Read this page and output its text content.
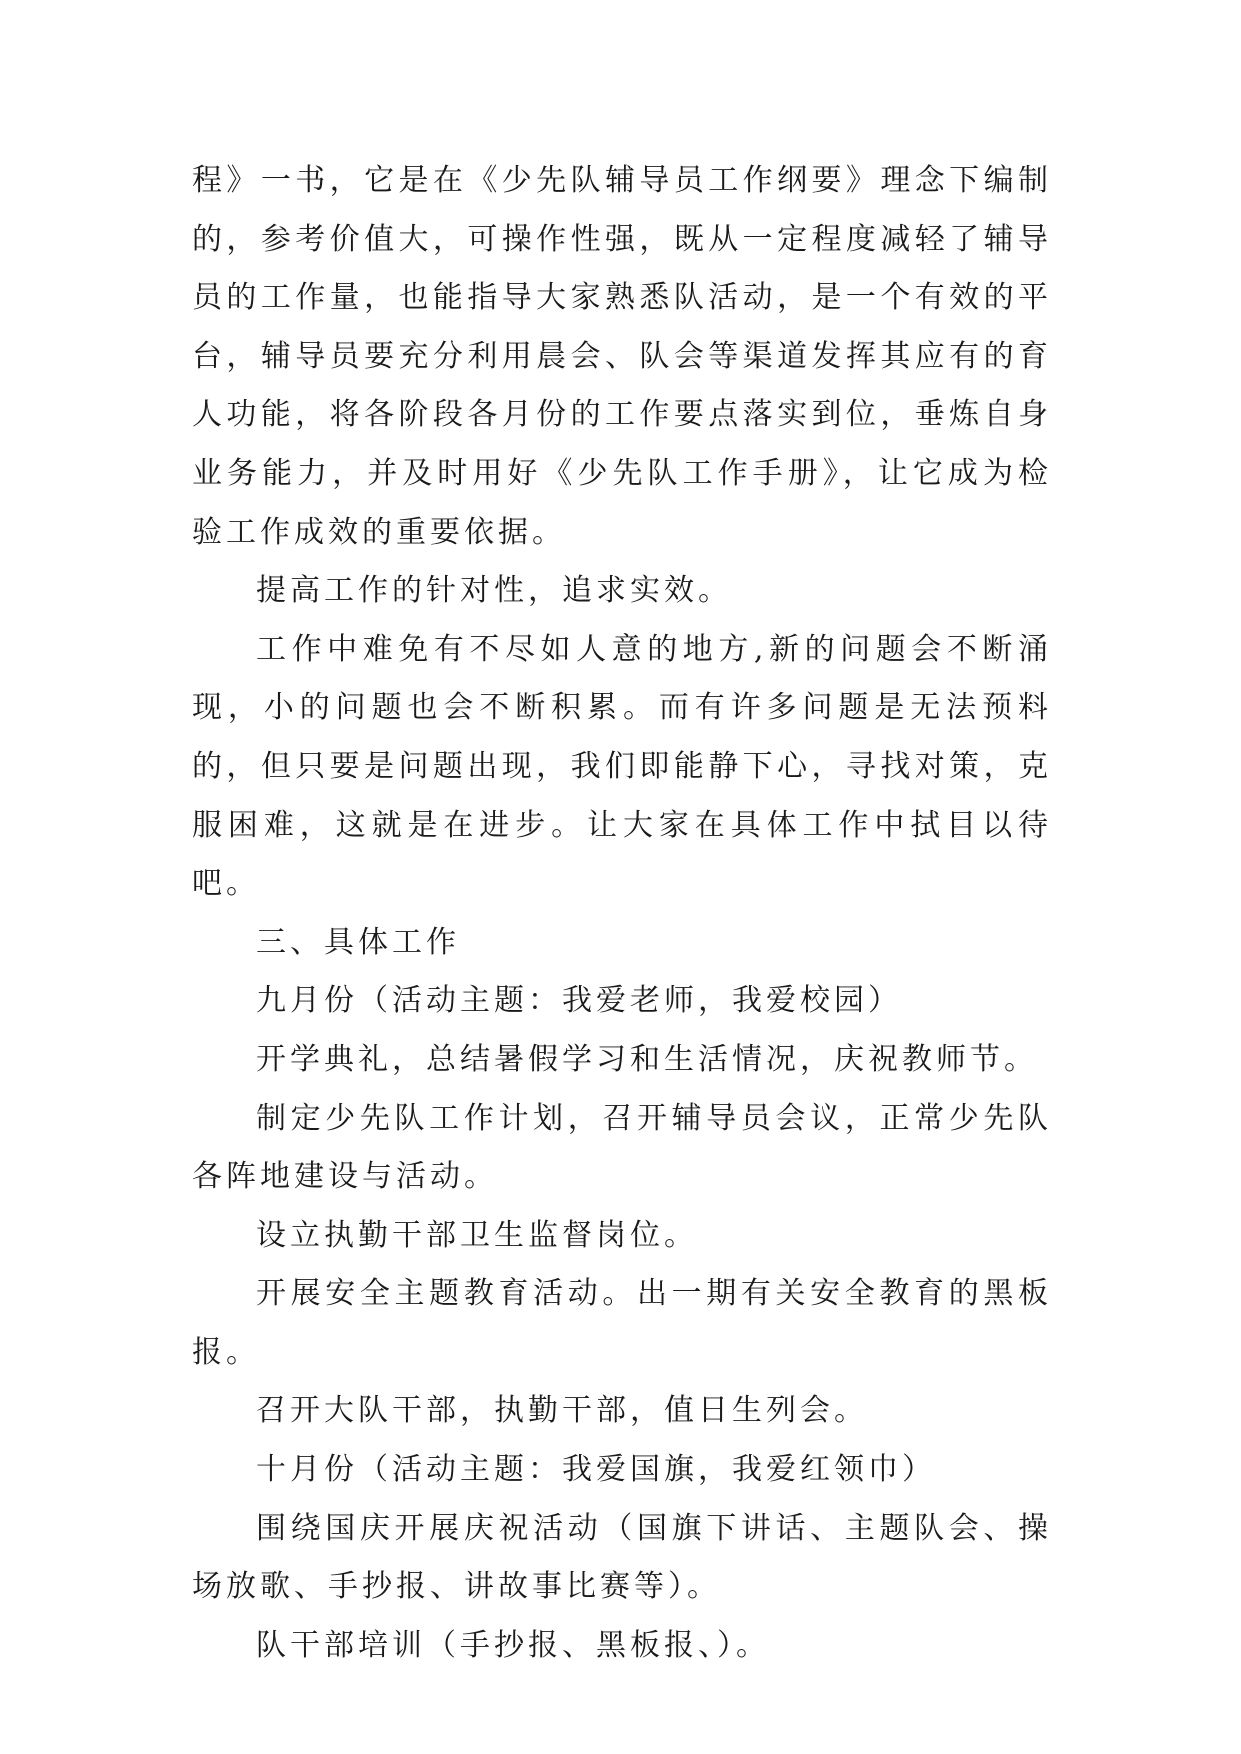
程》一书，它是在《少先队辅导员工作纲要》理念下编制的，参考价值大，可操作性强，既从一定程度减轻了辅导员的工作量，也能指导大家熟悉队活动，是一个有效的平台，辅导员要充分利用晨会、队会等渠道发挥其应有的育人功能，将各阶段各月份的工作要点落实到位，垂炼自身业务能力，并及时用好《少先队工作手册》，让它成为检验工作成效的重要依据。

提高工作的针对性，追求实效。

工作中难免有不尽如人意的地方,新的问题会不断涌现，小的问题也会不断积累。而有许多问题是无法预料的，但只要是问题出现，我们即能静下心，寻找对策，克服困难，这就是在进步。让大家在具体工作中拭目以待吧。

三、具体工作

九月份（活动主题：我爱老师，我爱校园）

开学典礼，总结暑假学习和生活情况，庆祝教师节。

制定少先队工作计划，召开辅导员会议，正常少先队各阵地建设与活动。

设立执勤干部卫生监督岗位。

开展安全主题教育活动。出一期有关安全教育的黑板报。

召开大队干部，执勤干部，值日生列会。

十月份（活动主题：我爱国旗，我爱红领巾）

围绕国庆开展庆祝活动（国旗下讲话、主题队会、操场放歌、手抄报、讲故事比赛等）。

队干部培训（手抄报、黑板报、）。
